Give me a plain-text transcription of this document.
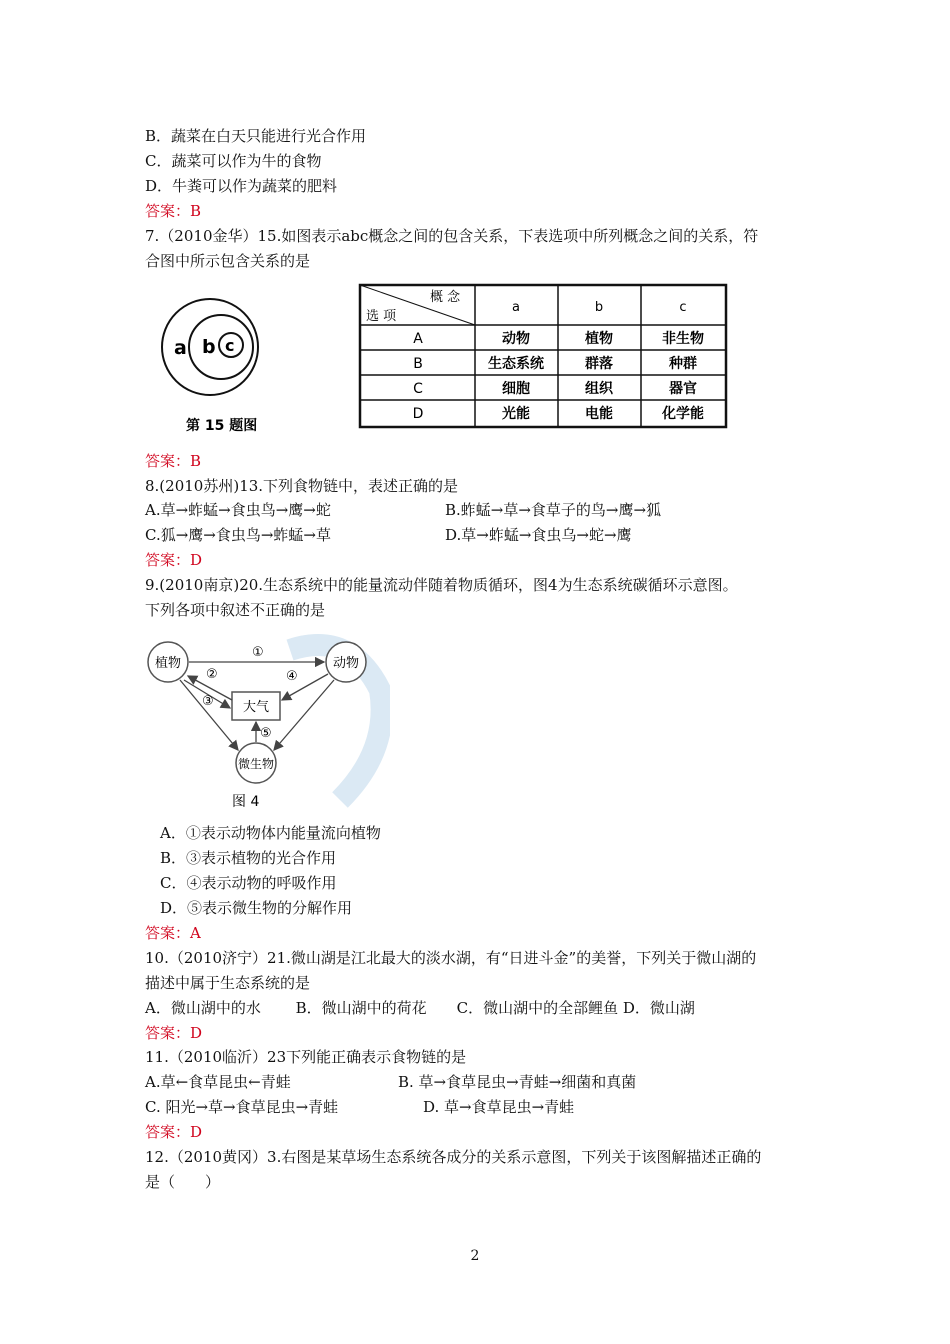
B．蔬菜在白天只能进行光合作用
C．蔬菜可以作为牛的食物
D．牛粪可以作为蔬菜的肥料
答案：B
7.（2010金华）15.如图表示abc概念之间的包含关系，下表选项中所列概念之间的关系，符
合图中所示包含关系的是
a b c
第 15 题图
概 念
选 项
a	b	c
A	动物	植物	非生物
B	生态系统	群落	种群
C	细胞	组织	器官
D	光能	电能	化学能
答案：B
8.(2010苏州)13.下列食物链中，表述正确的是
A.草→蚱蜢→食虫鸟→鹰→蛇	B.蚱蜢→草→食草子的鸟→鹰→狐
C.狐→鹰→食虫鸟→蚱蜢→草	D.草→蚱蜢→食虫乌→蛇→鹰
答案：D
9.(2010南京)20.生态系统中的能量流动伴随着物质循环，图4为生态系统碳循环示意图。
下列各项中叙述不正确的是
植物	动物
大气
微生物
①
②
③
④
⑤
图 4
A．①表示动物体内能量流向植物
B．③表示植物的光合作用
C．④表示动物的呼吸作用
D．⑤表示微生物的分解作用
答案：A
10.（2010济宁）21.微山湖是江北最大的淡水湖，有“日进斗金”的美誉，下列关于微山湖的
描述中属于生态系统的是
A．微山湖中的水　　 B．微山湖中的荷花　　C．微山湖中的全部鲤鱼 D．微山湖
答案：D
11.（2010临沂）23下列能正确表示食物链的是
A.草←食草昆虫←青蛙	B. 草→食草昆虫→青蛙→细菌和真菌
C. 阳光→草→食草昆虫→青蛙	D. 草→食草昆虫→青蛙
答案：D
12.（2010黄冈）3.右图是某草场生态系统各成分的关系示意图，下列关于该图解描述正确的
是（　　）
2
